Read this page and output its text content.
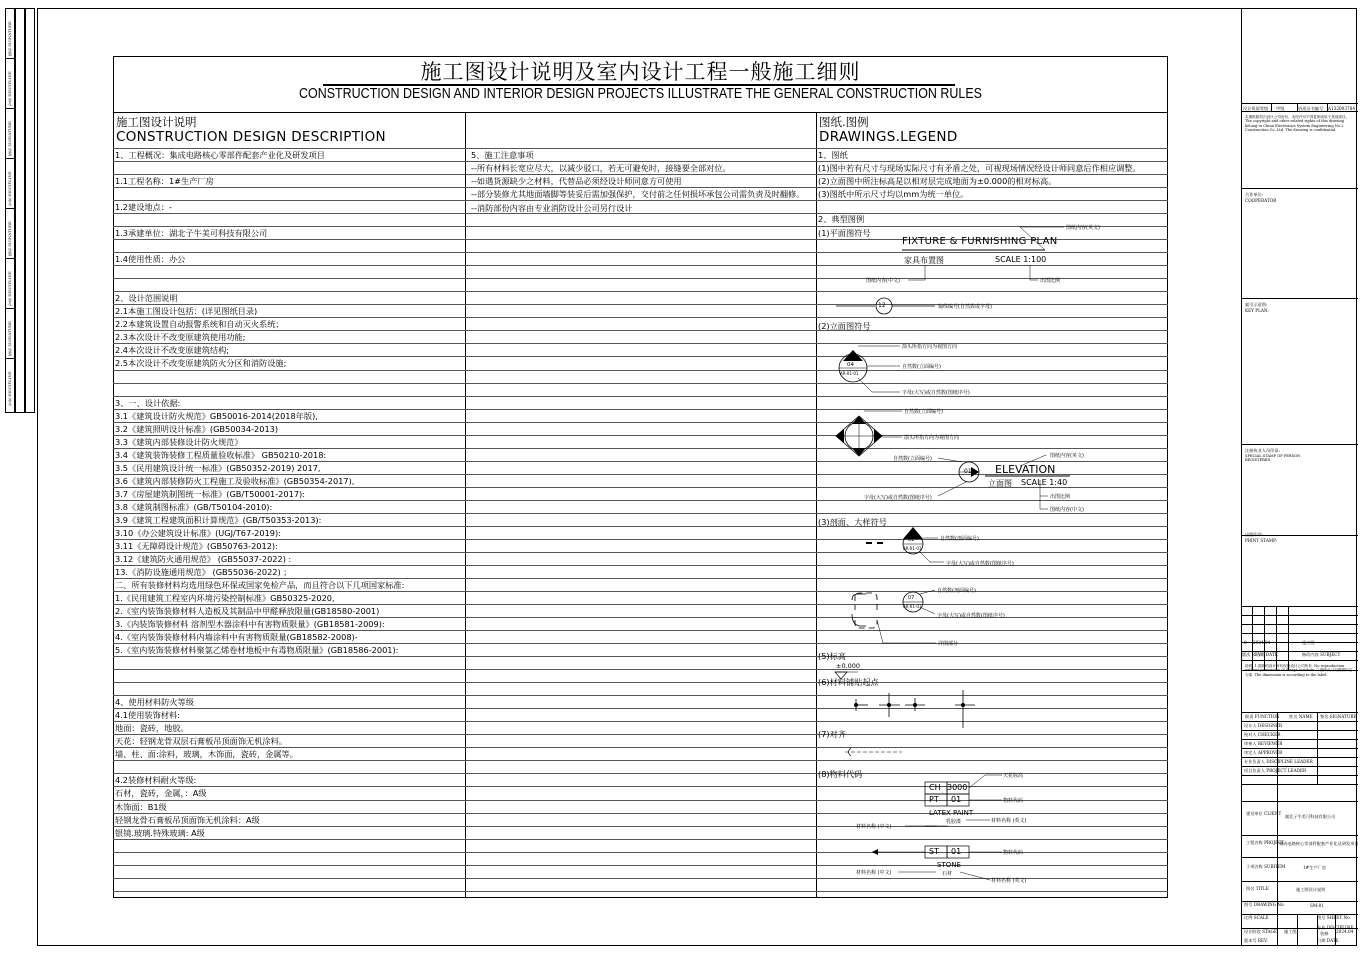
签名 SIGNATURE
专业 DISCIPLINE
签名 SIGNATURE
专业 DISCIPLINE
签名 SIGNATURE
专业 DISCIPLINE
签名 SIGNATURE
专业 DISCIPLINE
施工图设计说明及室内设计工程一般施工细则
CONSTRUCTION DESIGN AND INTERIOR DESIGN PROJECTS ILLUSTRATE THE GENERAL CONSTRUCTION RULES
施工图设计说明
CONSTRUCTION DESIGN DESCRIPTION
图纸.图例
DRAWINGS.LEGEND
1、工程概况：集成电路核心零部件配套产业化及研发项目
1.1工程名称：1#生产厂房
1.2建设地点：-
1.3承建单位：湖北子牛美可科技有限公司
1.4使用性质：办公
2、设计范围说明
2.1本施工图设计包括：(详见图纸目录)
2.2本建筑设置自动报警系统和自动灭火系统；
2.3本次设计不改变原建筑使用功能;
2.4本次设计不改变原建筑结构;
2.5本次设计不改变原建筑防火分区和消防设施;
3、一、设计依据:
3.1《建筑设计防火规范》GB50016-2014(2018年版),
3.2《建筑照明设计标准》(GB50034-2013)
3.3《建筑内部装修设计防火规范》
3.4《建筑装饰装修工程质量验收标准》 GB50210-2018:
3.5《民用建筑设计统一标准》(GB50352-2019) 2017,
3.6《建筑内部装修防火工程施工及验收标准》(GB50354-2017),
3.7《房屋建筑制图统一标准》(GB/T50001-2017):
3.8《建筑制图标准》(GB/T50104-2010):
3.9《建筑工程建筑面积计算规范》(GB/T50353-2013):
3.10《办公建筑设计标准》(UGJ/T67-2019):
3.11《无障碍设计规范》(GB50763-2012):
3.12《建筑防火通用规范》 (GB55037-2022) :
13.《消防设施通用规范》 (GB55036-2022) ；
二、所有装修材料均选用绿色环保或国家免检产品，而且符合以下几项国家标准:
1.《民用建筑工程室内环境污染控制标准》GB50325-2020,
2.《室内装饰装修材料人造板及其制品中甲醛释放限量(GB18580-2001)
3.《内装饰装修材料 溶剂型木器涂料中有害物质限量》(GB18581-2009):
4.《室内装饰装修材料内墙涂料中有害物质限量(GB18582-2008)-
5.《室内装饰装修材料聚氯乙烯卷材地板中有毒物质限量》(GB18586-2001):
4、使用材料防火等级
4.1使用装饰材料:
地面：瓷砖，地胶。
天花：轻钢龙骨双层石膏板吊顶面饰无机涂料。
墙、柱、面:涂料，玻璃，木饰面，瓷砖，金属等。
4.2装修材料耐火等级:
石材，瓷砖，金属，：A级
木饰面：B1级
轻钢龙骨石膏板吊顶面饰无机涂料：A级
银镜.玻璃.特殊玻璃: A级
5、施工注意事项
--所有材料长宽应尽大，以减少驳口，若无可避免时，接缝要全部对位。
--如遇货源缺少之材料，代替品必须经设计师同意方可使用
--部分装修尤其地面墙脚等装妥后需加强保护，交付前之任何损坏承包公司需负责及时翻修。
--消防部份内容由专业消防设计公司另行设计
1、图纸
(1)图中若有尺寸与现场实际尺寸有矛盾之处，可视现场情况经设计师同意后作相应调整。
(2)立面图中所注标高是以相对层完成地面为±0.000的相对标高。
(3)图纸中所示尺寸均以mm为统一单位。
2、典型图例
(1)平面图符号
FIXTURE & FURNISHING PLAN
家具布置图	SCALE 1:100
图纸内容(英文)
图纸内容(中文)	出图比例
12	轴线编号(自然数或字母)
(2)立面图符号
04
AR-01-01
箭头所指方向为视图方向
自然数(立面编号)
字母(大写)或自然数(图纸序号)
自然数(立面编号)
箭头所指方向为视图方向
01 ELEVATION
立面图 SCALE 1:40
自然数(立面编号)	图纸内容(英文)
字母(大写)或自然数(图纸序号)	出图比例
图纸内容(中文)
(3)剖面、大样符号
01
AR-01-01
自然数(剖面编号)
字母(大写)或自然数(图纸序号)
07
AR-01-01
自然数(剖面编号)
字母(大写)或自然数(图纸序号)
详图部分
(5)标高
±0.000
(6)材料铺贴起点
(7)对齐
(8)物料代码
CH 3000
PT 01
天花标高
物料代码
LATEX PAINT
乳胶漆
材料名称 (中文)
材料名称 (英文)
ST 01	物料代码
STONE
石材
材料名称 (中文)
材料名称 (英文)
设计资质等级 甲级	资质证书编号 A132003784
本图纸版权归设计公司所有，未经许可不得复制或用于其他项目。The copyright and other related rights of this drawing belong to China Electronics System Engineering No.2 Construction Co.,Ltd. The drawing is confidential.
合作单位:
COOPERATOR
索引示意图:
KEY PLAN:
注册执业人员印章:
SPECIAL STAMP OF PERSON REGISTERED
出图印章:
PRINT STAMP:
0 2024.04	施工图
版次 REV.
日期 DATE	修改内容 SUBJECT
说明: 1.图纸的设计所有权归设计公司所有. No reproduction without permission of design institute. 2.图中尺寸以图面标注为准. The dimension is according to the label.
职责 FUNCTION 姓名 NAME 签名 SIGNATURE
设计人 DESIGNER
校对人 CHECKER
审核人 REVIEWER
审定人 APPROVER
专业负责人 DISCIPLINE LEADER
项目负责人 PROJECT LEADER
建设单位 CLIENT
湖北子牛美可科技有限公司
工程名称 PROJECT
集成电路核心零部件配套产业化及研发项目
子项名称 SUBITEM	1#生产厂房
图名 TITLE	施工图设计说明
图号 DRAWING No.	SM-01
比例 SCALE	图号 SHEET No.
设计阶段 STAGE 施工图
专业 DISCIPLINE
装修 2024.04
日期 DATE
版本号 REV.
